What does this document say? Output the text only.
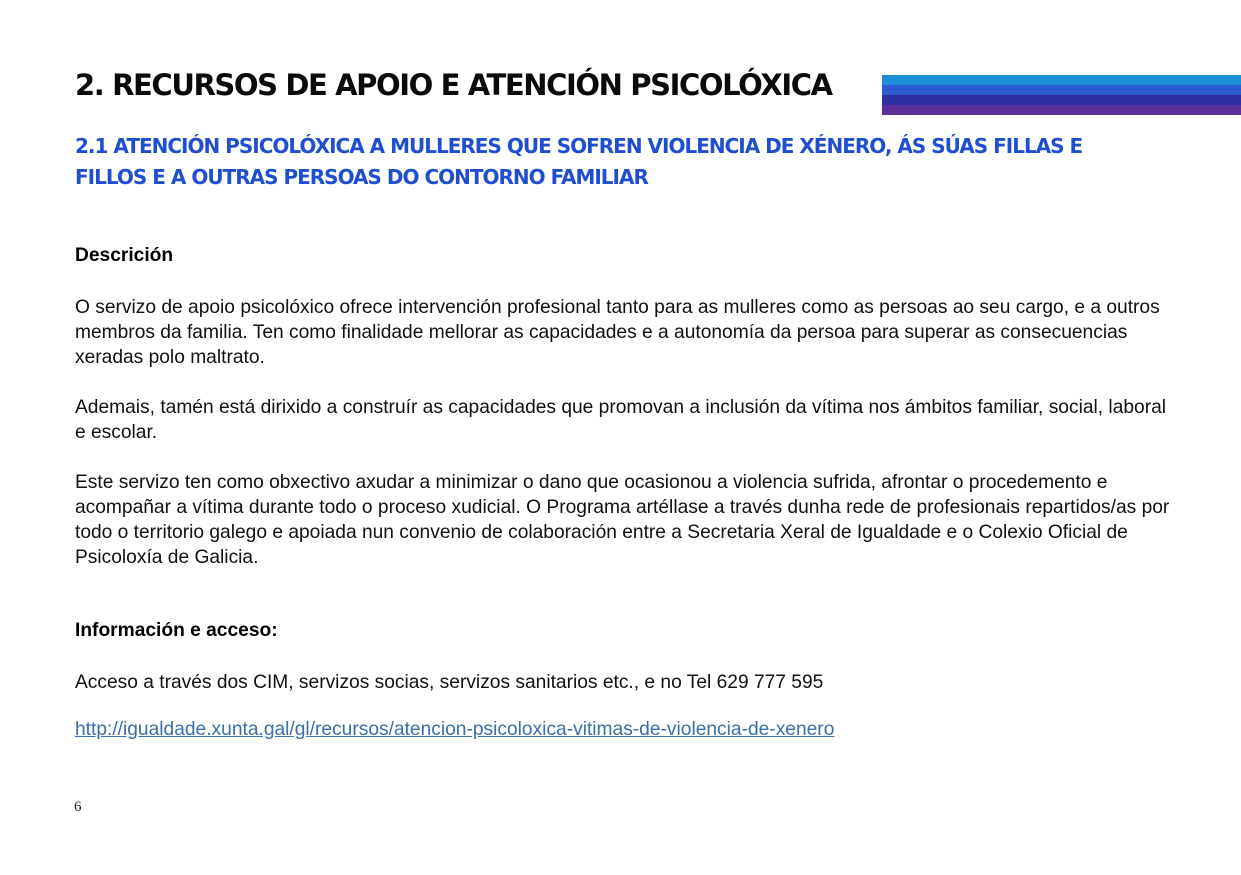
2. RECURSOS DE APOIO E ATENCIÓN PSICOLÓXICA
2.1 ATENCIÓN PSICOLÓXICA A MULLERES QUE SOFREN VIOLENCIA DE XÉNERO, ÁS SÚAS FILLAS E FILLOS E A OUTRAS PERSOAS DO CONTORNO FAMILIAR
Descrición

O servizo de apoio psicolóxico ofrece intervención profesional tanto para as mulleres como as persoas ao seu cargo, e a outros membros da familia. Ten como finalidade mellorar as capacidades e a autonomía da persoa para superar as consecuencias xeradas polo maltrato.

Ademais, tamén está dirixido a construír as capacidades que promovan a inclusión da vítima nos ámbitos familiar, social, laboral e escolar.

Este servizo ten como obxectivo axudar a minimizar o dano que ocasionou a violencia sufrida, afrontar o procedemento e acompañar a vítima durante todo o proceso xudicial. O Programa artéllase a través dunha rede de profesionais repartidos/as por todo o territorio galego e apoiada nun convenio de colaboración entre a Secretaria Xeral de Igualdade e o Colexio Oficial de Psicoloxía de Galicia.

Información e acceso:

Acceso a través dos CIM, servizos socias, servizos sanitarios etc., e no Tel 629 777 595

http://igualdade.xunta.gal/gl/recursos/atencion-psicoloxica-vitimas-de-violencia-de-xenero
6
